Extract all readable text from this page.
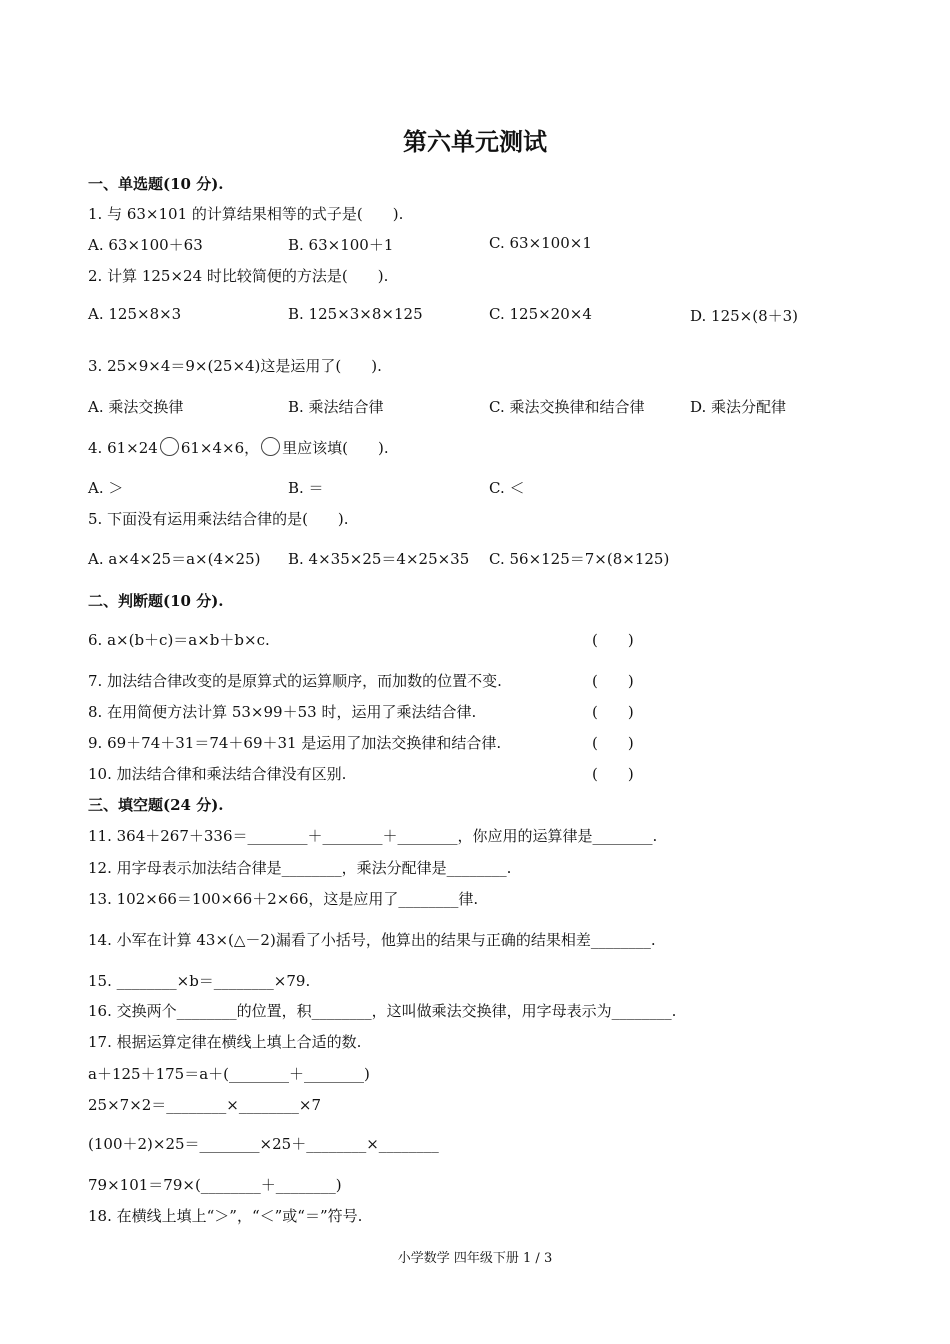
第六单元测试
一、单选题(10 分).
1. 与 63×101 的计算结果相等的式子是(　　).
A. 63×100＋63	B. 63×100＋1	C. 63×100×1
2. 计算 125×24 时比较简便的方法是(　　).
A. 125×8×3	B. 125×3×8×125	C. 125×20×4	D. 125×(8＋3)
3. 25×9×4＝9×(25×4)这是运用了(　　).
A. 乘法交换律	B. 乘法结合律	C. 乘法交换律和结合律	D. 乘法分配律
4. 61×24 61×4×6， 里应该填(　　).
A. ＞	B. ＝	C. ＜
5. 下面没有运用乘法结合律的是(　　).
A. a×4×25＝a×(4×25) B. 4×35×25＝4×25×35 C. 56×125＝7×(8×125)
二、判断题(10 分).
6. a×(b＋c)＝a×b＋b×c.	(　　)
7. 加法结合律改变的是原算式的运算顺序，而加数的位置不变.	(　　)
8. 在用简便方法计算 53×99＋53 时，运用了乘法结合律.	(　　)
9. 69＋74＋31＝74＋69＋31 是运用了加法交换律和结合律.	(　　)
10. 加法结合律和乘法结合律没有区别.	(　　)
三、填空题(24 分).
11. 364＋267＋336＝________＋________＋________，你应用的运算律是________.
12. 用字母表示加法结合律是________，乘法分配律是________.
13. 102×66＝100×66＋2×66，这是应用了________律.
14. 小军在计算 43×(△－2)漏看了小括号，他算出的结果与正确的结果相差________.
15. ________×b＝________×79.
16. 交换两个________的位置，积________，这叫做乘法交换律，用字母表示为________.
17. 根据运算定律在横线上填上合适的数.
a＋125＋175＝a＋(________＋________)
25×7×2＝________×________×7
(100＋2)×25＝________×25＋________×________
79×101＝79×(________＋________)
18. 在横线上填上“＞”，“＜”或“＝”符号.
小学数学 四年级下册 1 / 3
